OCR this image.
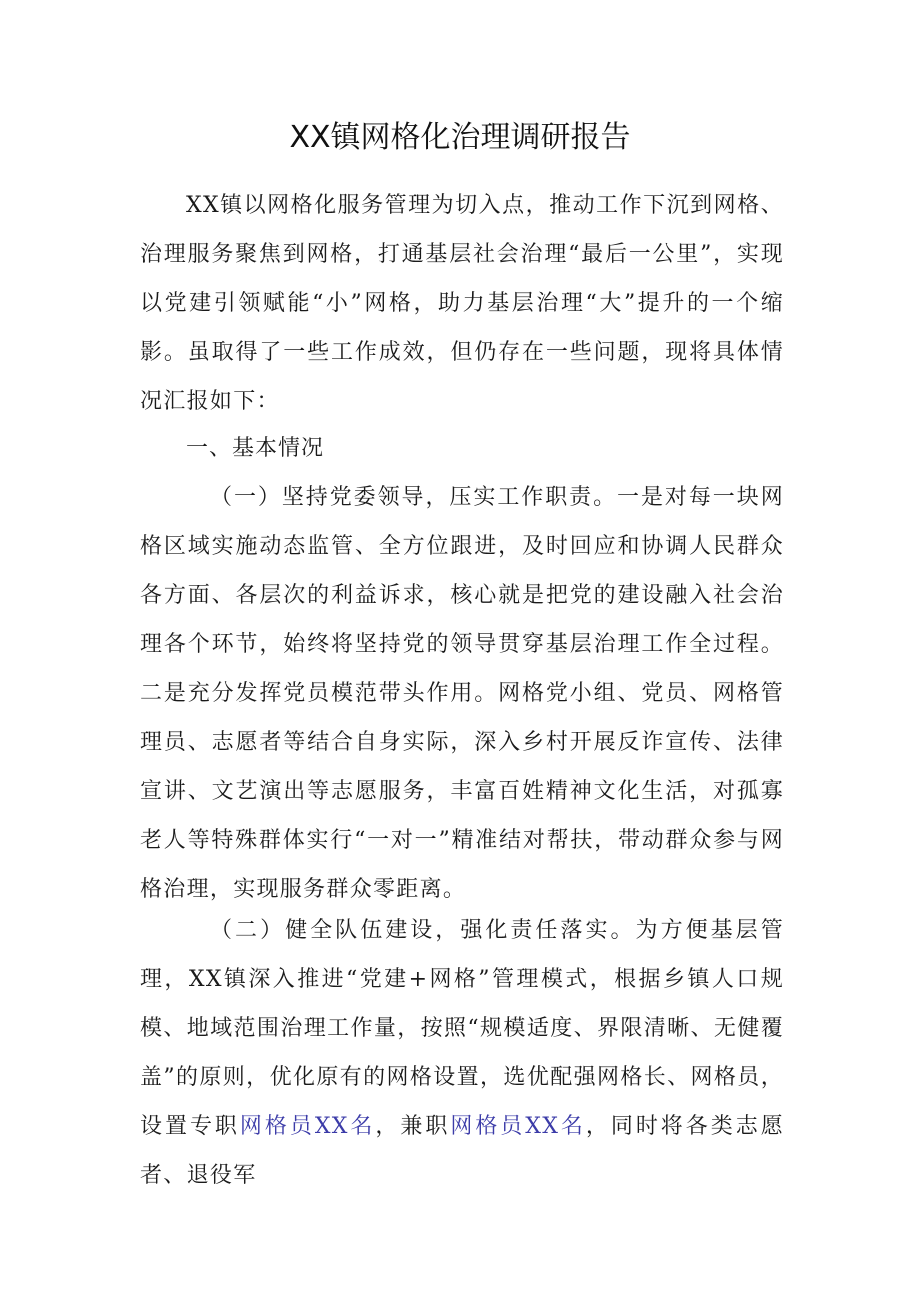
XX镇网格化治理调研报告

XX镇以网格化服务管理为切入点，推动工作下沉到网格、治理服务聚焦到网格，打通基层社会治理“最后一公里”，实现以党建引领赋能“小”网格，助力基层治理“大”提升的一个缩影。虽取得了一些工作成效，但仍存在一些问题，现将具体情况汇报如下：

一、基本情况

（一）坚持党委领导，压实工作职责。一是对每一块网格区域实施动态监管、全方位跟进，及时回应和协调人民群众各方面、各层次的利益诉求，核心就是把党的建设融入社会治理各个环节，始终将坚持党的领导贯穿基层治理工作全过程。二是充分发挥党员模范带头作用。网格党小组、党员、网格管理员、志愿者等结合自身实际，深入乡村开展反诈宣传、法律宣讲、文艺演出等志愿服务，丰富百姓精神文化生活，对孤寡老人等特殊群体实行“一对一”精准结对帮扶，带动群众参与网格治理，实现服务群众零距离。

（二）健全队伍建设，强化责任落实。为方便基层管理，XX镇深入推进“党建+网格”管理模式，根据乡镇人口规模、地域范围治理工作量，按照“规模适度、界限清晰、无健覆盖”的原则，优化原有的网格设置，选优配强网格长、网格员，设置专职网格员XX名，兼职网格员XX名，同时将各类志愿者、退役军
